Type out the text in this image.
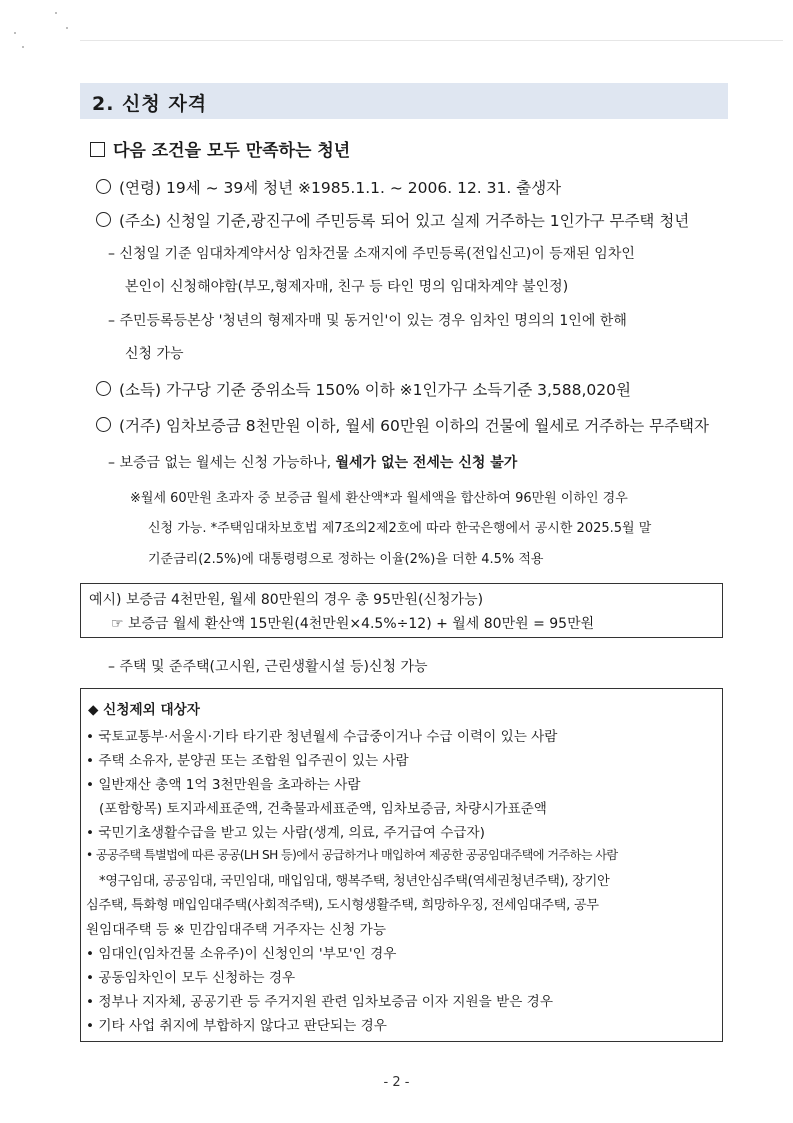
2. 신청 자격
다음 조건을 모두 만족하는 청년
(연령) 19세 ~ 39세 청년 ※1985.1.1. ~ 2006. 12. 31. 출생자
(주소) 신청일 기준,광진구에 주민등록 되어 있고 실제 거주하는 1인가구 무주택 청년
– 신청일 기준 임대차계약서상 임차건물 소재지에 주민등록(전입신고)이 등재된 임차인
본인이 신청해야함(부모,형제자매, 친구 등 타인 명의 임대차계약 불인정)
– 주민등록등본상 '청년의 형제자매 및 동거인'이 있는 경우 임차인 명의의 1인에 한해
신청 가능
(소득) 가구당 기준 중위소득 150% 이하 ※1인가구 소득기준 3,588,020원
(거주) 임차보증금 8천만원 이하, 월세 60만원 이하의 건물에 월세로 거주하는 무주택자
– 보증금 없는 월세는 신청 가능하나, 월세가 없는 전세는 신청 불가
※월세 60만원 초과자 중 보증금 월세 환산액*과 월세액을 합산하여 96만원 이하인 경우
신청 가능. *주택임대차보호법 제7조의2제2호에 따라 한국은행에서 공시한 2025.5월 말
기준금리(2.5%)에 대통령령으로 정하는 이율(2%)을 더한 4.5% 적용
예시) 보증금 4천만원, 월세 80만원의 경우 총 95만원(신청가능)
☞ 보증금 월세 환산액 15만원(4천만원×4.5%÷12) + 월세 80만원 = 95만원
– 주택 및 준주택(고시원, 근린생활시설 등)신청 가능
◆ 신청제외 대상자
• 국토교통부·서울시·기타 타기관 청년월세 수급중이거나 수급 이력이 있는 사람
• 주택 소유자, 분양권 또는 조합원 입주권이 있는 사람
• 일반재산 총액 1억 3천만원을 초과하는 사람
(포함항목) 토지과세표준액, 건축물과세표준액, 임차보증금, 차량시가표준액
• 국민기초생활수급을 받고 있는 사람(생계, 의료, 주거급여 수급자)
• 공공주택 특별법에 따른 공공(LH SH 등)에서 공급하거나 매입하여 제공한 공공임대주택에 거주하는 사람
*영구임대, 공공임대, 국민임대, 매입임대, 행복주택, 청년안심주택(역세권청년주택), 장기안
심주택, 특화형 매입임대주택(사회적주택), 도시형생활주택, 희망하우징, 전세임대주택, 공무
원임대주택 등 ※ 민감임대주택 거주자는 신청 가능
• 임대인(임차건물 소유주)이 신청인의 '부모'인 경우
• 공동임차인이 모두 신청하는 경우
• 정부나 지자체, 공공기관 등 주거지원 관련 임차보증금 이자 지원을 받은 경우
• 기타 사업 취지에 부합하지 않다고 판단되는 경우
- 2 -
